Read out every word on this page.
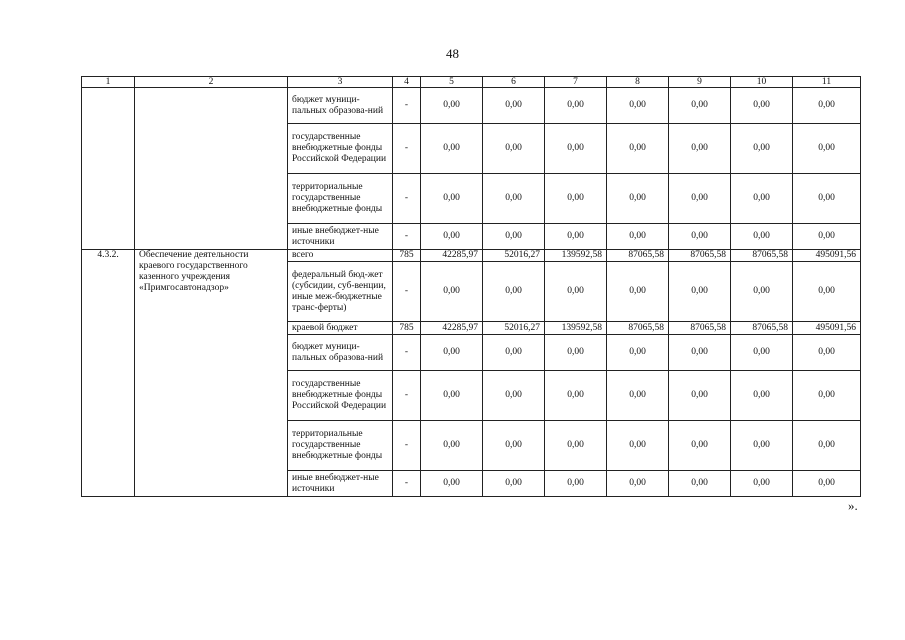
48
1	2	3	4	5	6	7	8	9	10	11
		бюджет муници-пальных образова-ний	-	0,00	0,00	0,00	0,00	0,00	0,00	0,00
		государственные внебюджетные фонды Российской Федерации	-	0,00	0,00	0,00	0,00	0,00	0,00	0,00
		территориальные государственные внебюджетные фонды	-	0,00	0,00	0,00	0,00	0,00	0,00	0,00
		иные внебюджет-ные источники	-	0,00	0,00	0,00	0,00	0,00	0,00	0,00
4.3.2.	Обеспечение деятельности краевого государственного казенного учреждения «Примгосавтонадзор»	всего	785	42285,97	52016,27	139592,58	87065,58	87065,58	87065,58	495091,56
		федеральный бюд-жет (субсидии, суб-венции, иные меж-бюджетные транс-ферты)	-	0,00	0,00	0,00	0,00	0,00	0,00	0,00
		краевой бюджет	785	42285,97	52016,27	139592,58	87065,58	87065,58	87065,58	495091,56
		бюджет муници-пальных образова-ний	-	0,00	0,00	0,00	0,00	0,00	0,00	0,00
		государственные внебюджетные фонды Российской Федерации	-	0,00	0,00	0,00	0,00	0,00	0,00	0,00
		территориальные государственные внебюджетные фонды	-	0,00	0,00	0,00	0,00	0,00	0,00	0,00
		иные внебюджет-ные источники	-	0,00	0,00	0,00	0,00	0,00	0,00	0,00
».
